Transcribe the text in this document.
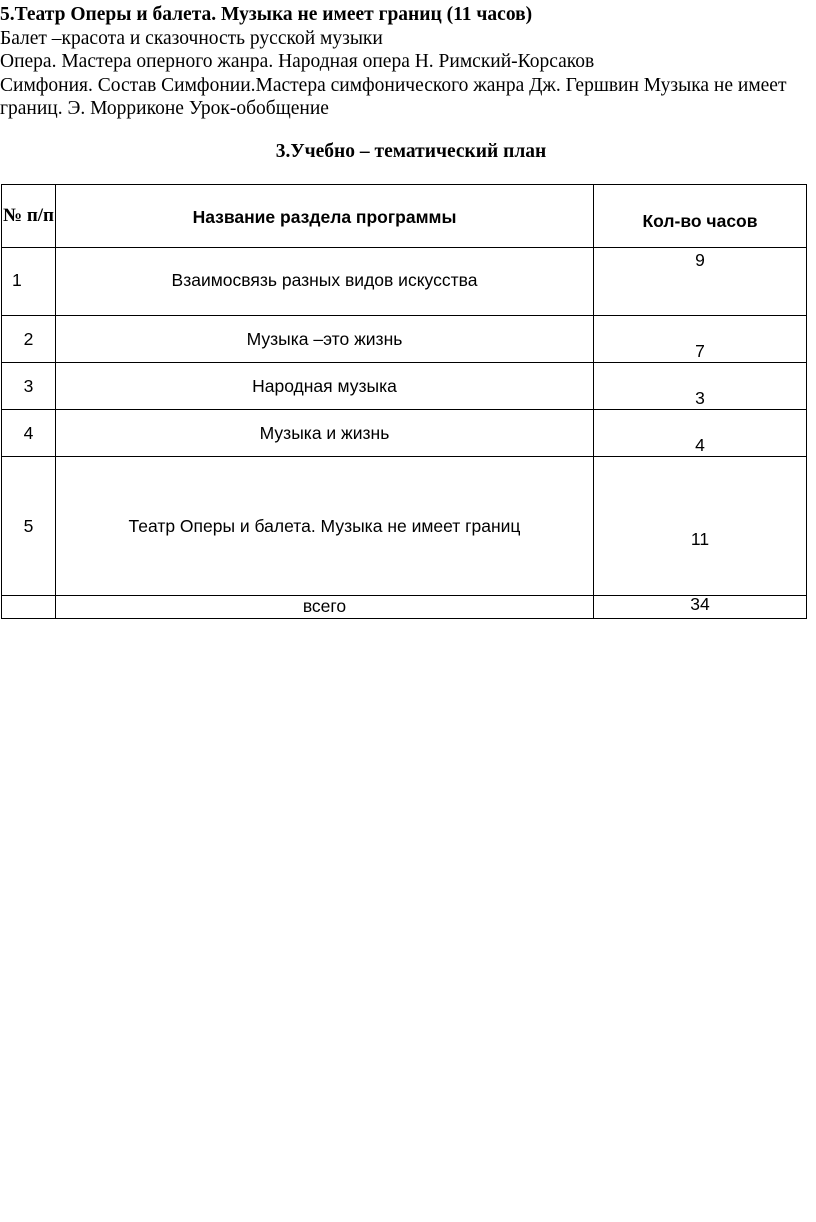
5.Театр Оперы и балета. Музыка не имеет границ (11 часов)
Балет –красота и сказочность русской музыки
Опера. Мастера оперного жанра. Народная опера Н. Римский-Корсаков
Симфония. Состав Симфонии.Мастера симфонического жанра Дж. Гершвин Музыка не имеет границ. Э. Морриконе Урок-обобщение
3.Учебно – тематический план
№ п/п	Название раздела программы	Кол-во часов

1	Взаимосвязь разных видов искусства	9

2	Музыка –это жизнь	7

3	Народная музыка	3

4	Музыка и жизнь	4

5	Театр Оперы и балета. Музыка не имеет границ	11

	всего	34
